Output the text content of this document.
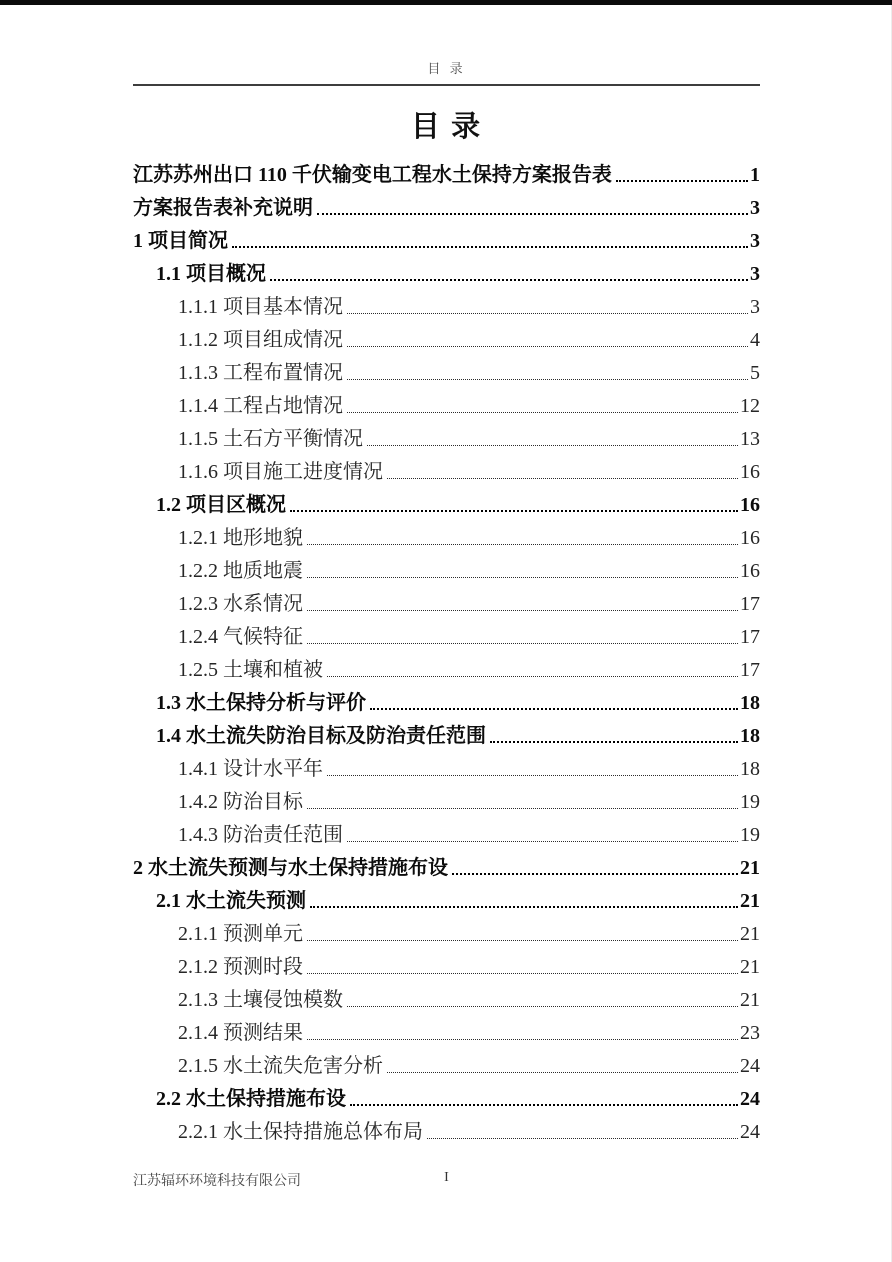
目 录
目 录
江苏苏州出口 110 千伏输变电工程水土保持方案报告表	1
方案报告表补充说明	3
1 项目简况	3
1.1 项目概况	3
1.1.1 项目基本情况	3
1.1.2 项目组成情况	4
1.1.3 工程布置情况	5
1.1.4 工程占地情况	12
1.1.5 土石方平衡情况	13
1.1.6 项目施工进度情况	16
1.2 项目区概况	16
1.2.1 地形地貌	16
1.2.2 地质地震	16
1.2.3 水系情况	17
1.2.4 气候特征	17
1.2.5 土壤和植被	17
1.3 水土保持分析与评价	18
1.4 水土流失防治目标及防治责任范围	18
1.4.1 设计水平年	18
1.4.2 防治目标	19
1.4.3 防治责任范围	19
2 水土流失预测与水土保持措施布设	21
2.1 水土流失预测	21
2.1.1 预测单元	21
2.1.2 预测时段	21
2.1.3 土壤侵蚀模数	21
2.1.4 预测结果	23
2.1.5 水土流失危害分析	24
2.2 水土保持措施布设	24
2.2.1 水土保持措施总体布局	24
江苏辐环环境科技有限公司	I
